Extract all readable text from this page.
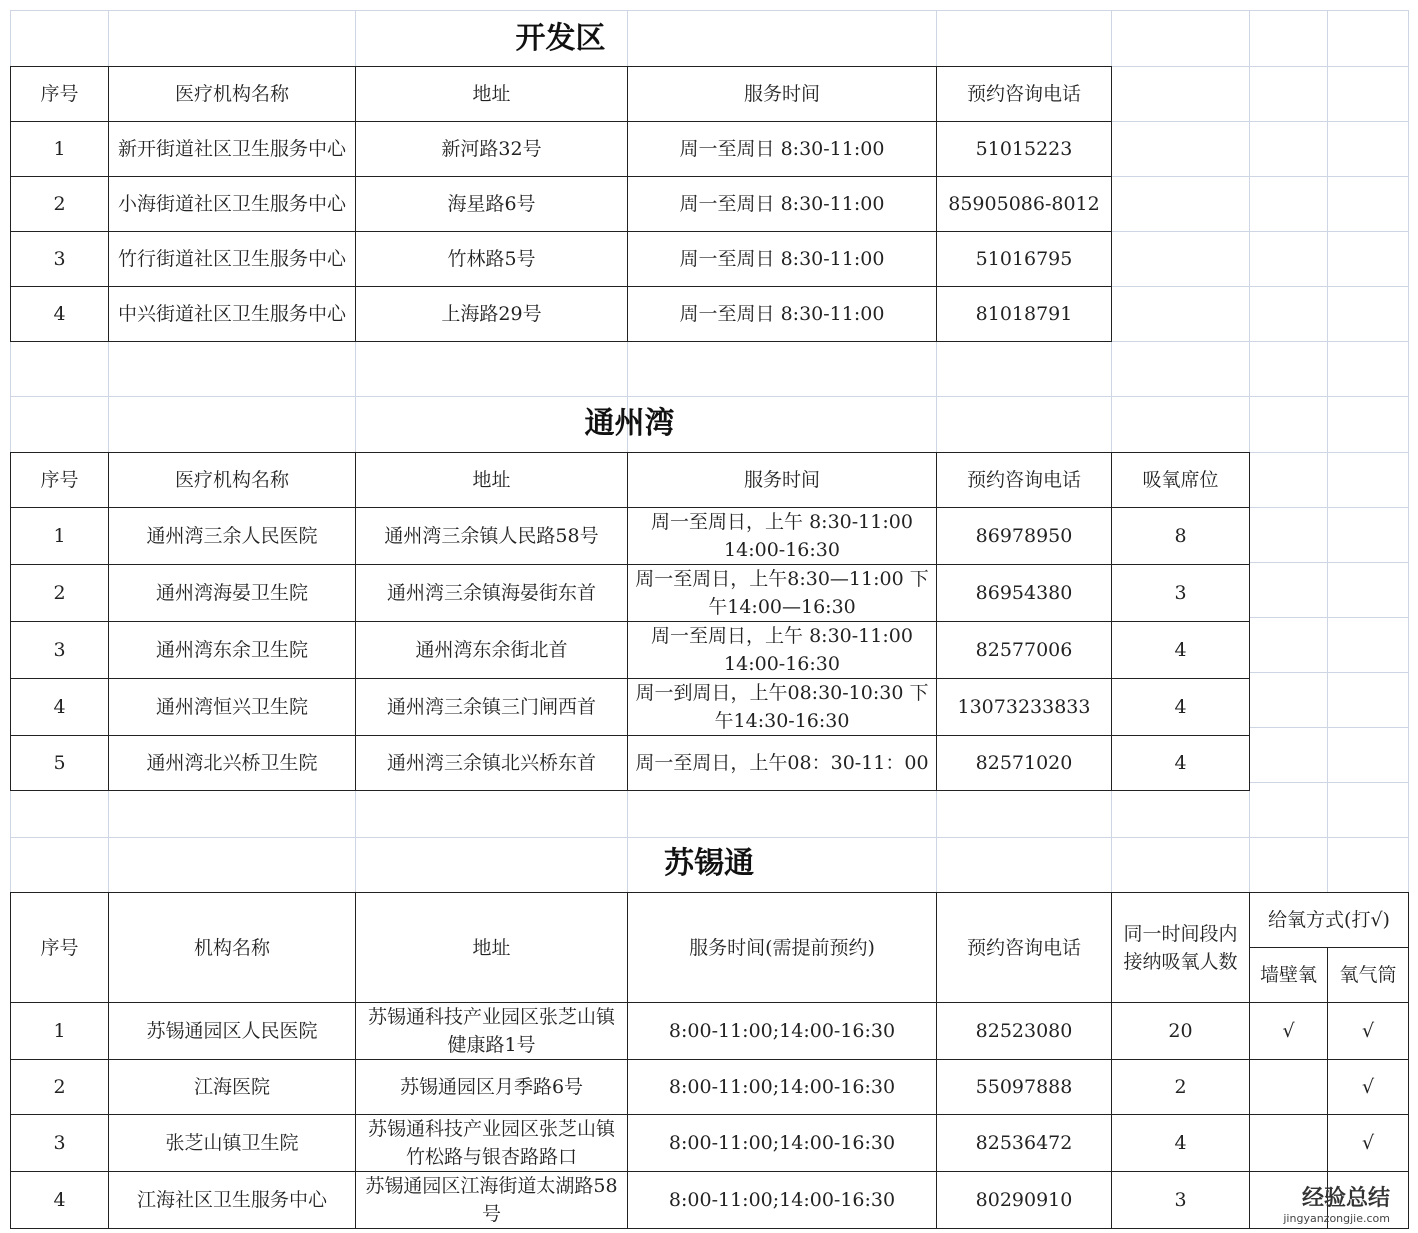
开发区
序号	医疗机构名称	地址	服务时间	预约咨询电话
1	新开街道社区卫生服务中心	新河路32号	周一至周日 8:30-11:00	51015223
2	小海街道社区卫生服务中心	海星路6号	周一至周日 8:30-11:00	85905086-8012
3	竹行街道社区卫生服务中心	竹林路5号	周一至周日 8:30-11:00	51016795
4	中兴街道社区卫生服务中心	上海路29号	周一至周日 8:30-11:00	81018791
通州湾
序号	医疗机构名称	地址	服务时间	预约咨询电话	吸氧席位
1	通州湾三余人民医院	通州湾三余镇人民路58号	周一至周日，上午 8:30-11:00 14:00-16:30	86978950	8
2	通州湾海晏卫生院	通州湾三余镇海晏街东首	周一至周日，上午8:30—11:00 下午14:00—16:30	86954380	3
3	通州湾东余卫生院	通州湾东余街北首	周一至周日，上午 8:30-11:00 14:00-16:30	82577006	4
4	通州湾恒兴卫生院	通州湾三余镇三门闸西首	周一到周日，上午08:30-10:30 下午14:30-16:30	13073233833	4
5	通州湾北兴桥卫生院	通州湾三余镇北兴桥东首	周一至周日，上午08：30-11：00	82571020	4
苏锡通
序号	机构名称	地址	服务时间(需提前预约)	预约咨询电话	同一时间段内接纳吸氧人数	给氧方式(打√)	
						墙壁氧	氧气筒
1	苏锡通园区人民医院	苏锡通科技产业园区张芝山镇健康路1号	8:00-11:00;14:00-16:30	82523080	20	√	√
2	江海医院	苏锡通园区月季路6号	8:00-11:00;14:00-16:30	55097888	2		√
3	张芝山镇卫生院	苏锡通科技产业园区张芝山镇竹松路与银杏路路口	8:00-11:00;14:00-16:30	82536472	4		√
4	江海社区卫生服务中心	苏锡通园区江海街道太湖路58号	8:00-11:00;14:00-16:30	80290910	3			经验总结
jingyanzongjie.com
